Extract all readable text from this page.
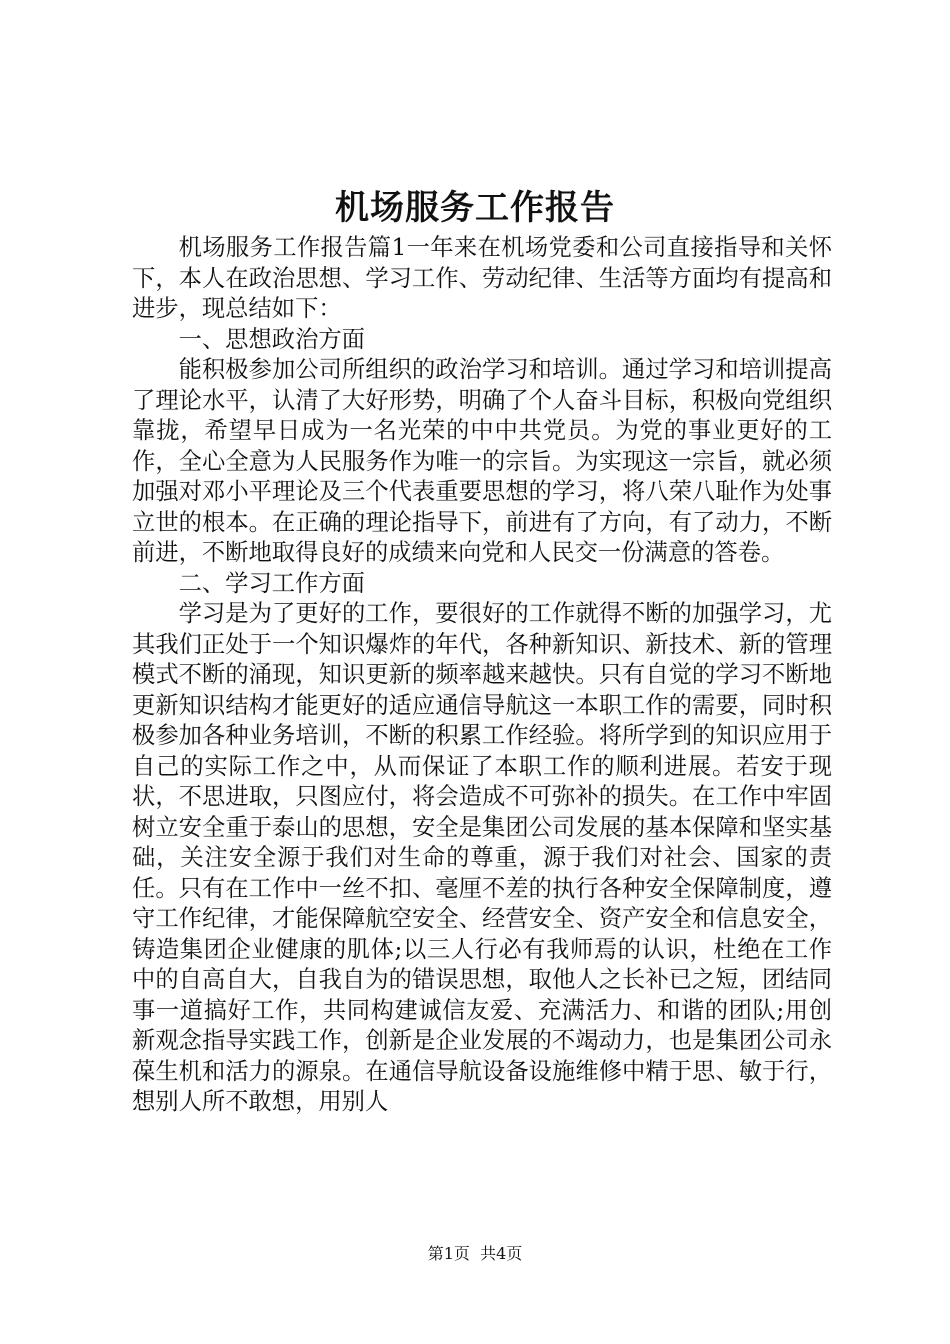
机场服务工作报告

机场服务工作报告篇1一年来在机场党委和公司直接指导和关怀下，本人在政治思想、学习工作、劳动纪律、生活等方面均有提高和进步，现总结如下：

一、思想政治方面

能积极参加公司所组织的政治学习和培训。通过学习和培训提高了理论水平，认清了大好形势，明确了个人奋斗目标，积极向党组织靠拢，希望早日成为一名光荣的中中共党员。为党的事业更好的工作，全心全意为人民服务作为唯一的宗旨。为实现这一宗旨，就必须加强对邓小平理论及三个代表重要思想的学习，将八荣八耻作为处事立世的根本。在正确的理论指导下，前进有了方向，有了动力，不断前进，不断地取得良好的成绩来向党和人民交一份满意的答卷。

二、学习工作方面

学习是为了更好的工作，要很好的工作就得不断的加强学习，尤其我们正处于一个知识爆炸的年代，各种新知识、新技术、新的管理模式不断的涌现，知识更新的频率越来越快。只有自觉的学习不断地更新知识结构才能更好的适应通信导航这一本职工作的需要，同时积极参加各种业务培训，不断的积累工作经验。将所学到的知识应用于自己的实际工作之中，从而保证了本职工作的顺利进展。若安于现状，不思进取，只图应付，将会造成不可弥补的损失。在工作中牢固树立安全重于泰山的思想，安全是集团公司发展的基本保障和坚实基础，关注安全源于我们对生命的尊重，源于我们对社会、国家的责任。只有在工作中一丝不扣、毫厘不差的执行各种安全保障制度，遵守工作纪律，才能保障航空安全、经营安全、资产安全和信息安全，铸造集团企业健康的肌体;以三人行必有我师焉的认识，杜绝在工作中的自高自大，自我自为的错误思想，取他人之长补已之短，团结同事一道搞好工作，共同构建诚信友爱、充满活力、和谐的团队;用创新观念指导实践工作，创新是企业发展的不竭动力，也是集团公司永葆生机和活力的源泉。在通信导航设备设施维修中精于思、敏于行，想别人所不敢想，用别人

第1页  共4页
